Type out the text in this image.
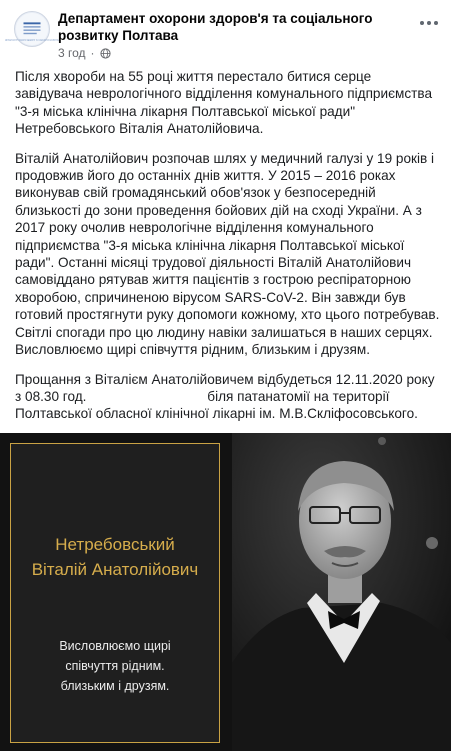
Департамент охорони здоров'я та соціального розвитку
Департамент охорони здоров'я та соціального розвитку Полтава
3 год ·

Після хвороби на 55 році життя перестало битися серце завідувача неврологічного відділення комунального підприємства "3-я міська клінічна лікарня Полтавської міської ради" Нетребовського Віталія Анатолійовича.

Віталій Анатолійович розпочав шлях у медичний галузі у 19 років і продовжив його до останніх днів життя. У 2015 – 2016 роках виконував свій громадянський обов'язок у безпосередній близькості до зони проведення бойових дій на сході України. А з 2017 року очолив неврологічне відділення комунального підприємства "3-я міська клінічна лікарня Полтавської міської ради". Останні місяці трудової діяльності Віталій Анатолійович самовіддано рятував життя пацієнтів з гострою респіраторною хворобою, спричиненою вірусом SARS-CoV-2. Він завжди був готовий простягнути руку допомоги кожному, хто цього потребував. Світлі спогади про цю людину навіки залишаться в наших серцях. Висловлюємо щирі співчуття рідним, близьким і друзям.

Прощання з Віталієм Анатолійовичем відбудеться 12.11.2020 року з 08.30 год.                                біля патанатомії на території Полтавської обласної клінічної лікарні ім. М.В.Скліфосовського.

Нетребовський
Віталій Анатолійович
Висловлюємо щирі
співчуття рідним.
близьким і друзям.
